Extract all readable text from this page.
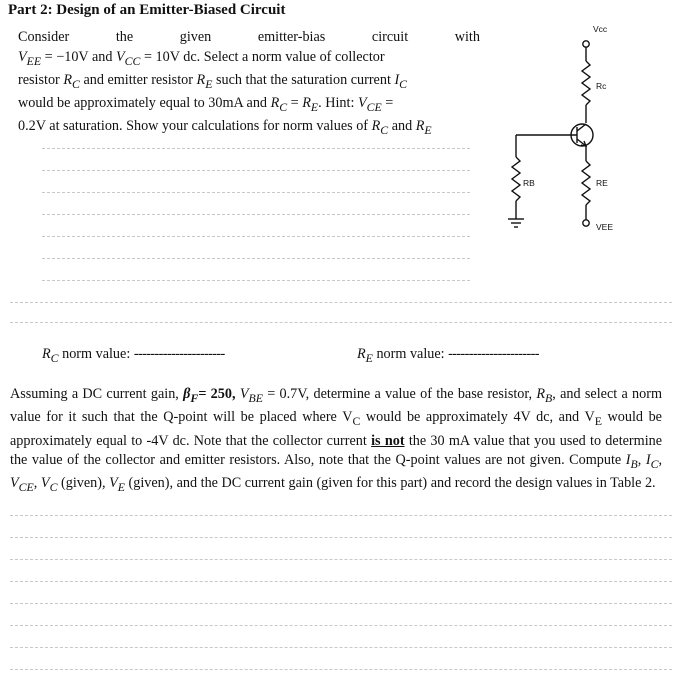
Part 2: Design of an Emitter-Biased Circuit
Consider	the	given	emitter-bias	circuit	with
$V_{EE} = -10V$ and $V_{CC} = 10V$ dc. Select a norm value of collector
resistor $R_C$ and emitter resistor $R_E$ such that the saturation current $I_C$
would be approximately equal to 30mA and $R_C = R_E$. Hint: $V_{CE}$ =
0.2V at saturation. Show your calculations for norm values of $R_C$ and $R_E$
Vcc
Rc
RB	RE
VEE
$R_C$ norm value: ----------------------	$R_E$ norm value: ----------------------
Assuming a DC current gain, $\beta_F= 250$, $V_{BE} = 0.7V$, determine a value of the base resistor, $R_B$, and select a norm value for it such that the Q-point will be placed where $V_C$ would be approximately 4V dc, and $V_E$ would be approximately equal to -4V dc. Note that the collector current is not the 30 mA value that you used to determine the value of the collector and emitter resistors. Also, note that the Q-point values are not given. Compute $I_B$, $I_C$, $V_{CE}$, $V_C$ (given), $V_E$ (given), and the DC current gain (given for this part) and record the design values in Table 2.
